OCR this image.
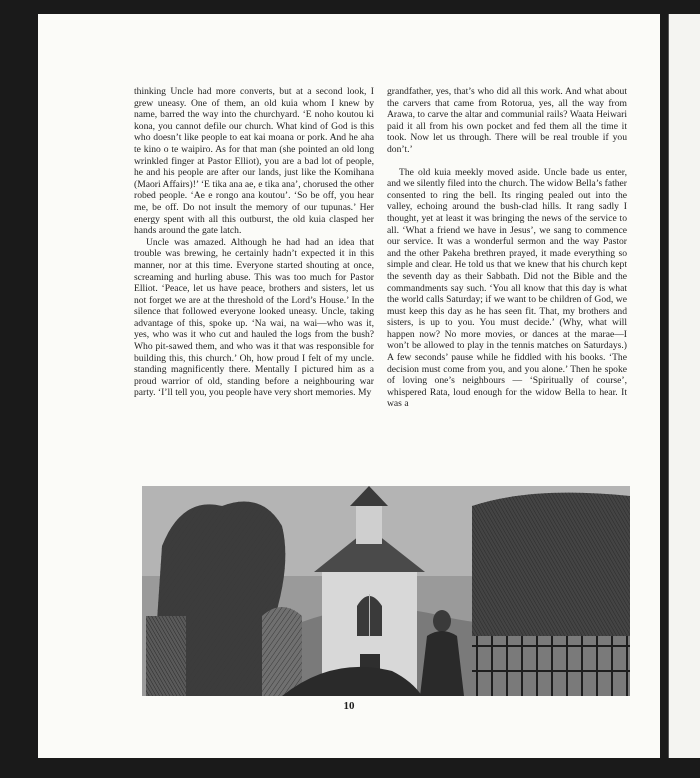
thinking Uncle had more converts, but at a second look, I grew uneasy. One of them, an old kuia whom I knew by name, barred the way into the churchyard. ‘E noho koutou ki kona, you cannot defile our church. What kind of God is this who doesn’t like people to eat kai moana or pork. And he aha te kino o te waipiro. As for that man (she pointed an old long wrinkled finger at Pastor Elliot), you are a bad lot of people, he and his people are after our lands, just like the Komihana (Maori Affairs)!’ ‘E tika ana ae, e tika ana’, chorused the other robed people. ‘Ae e rongo ana koutou’. ‘So be off, you hear me, be off. Do not insult the memory of our tupunas.’ Her energy spent with all this outburst, the old kuia clasped her hands around the gate latch.

Uncle was amazed. Although he had had an idea that trouble was brewing, he certainly hadn’t expected it in this manner, nor at this time. Everyone started shouting at once, screaming and hurling abuse. This was too much for Pastor Elliot. ‘Peace, let us have peace, brothers and sisters, let us not forget we are at the threshold of the Lord’s House.’ In the silence that followed everyone looked uneasy. Uncle, taking advantage of this, spoke up. ‘Na wai, na wai—who was it, yes, who was it who cut and hauled the logs from the bush? Who pit-sawed them, and who was it that was responsible for building this, this church.’ Oh, how proud I felt of my uncle. standing magnificently there. Mentally I pictured him as a proud warrior of old, standing before a neighbouring war party. ‘I’ll tell you, you people have very short memories. My

grandfather, yes, that’s who did all this work. And what about the carvers that came from Rotorua, yes, all the way from Arawa, to carve the altar and communial rails? Waata Heiwari paid it all from his own pocket and fed them all the time it took. Now let us through. There will be real trouble if you don’t.’

The old kuia meekly moved aside. Uncle bade us enter, and we silently filed into the church. The widow Bella’s father consented to ring the bell. Its ringing pealed out into the valley, echoing around the bush-clad hills. It rang sadly I thought, yet at least it was bringing the news of the service to all. ‘What a friend we have in Jesus’, we sang to commence our service. It was a wonderful sermon and the way Pastor and the other Pakeha brethren prayed, it made everything so simple and clear. He told us that we knew that his church kept the seventh day as their Sabbath. Did not the Bible and the commandments say such. ‘You all know that this day is what the world calls Saturday; if we want to be children of God, we must keep this day as he has seen fit. That, my brothers and sisters, is up to you. You must decide.’ (Why, what will happen now? No more movies, or dances at the marae—I won’t be allowed to play in the tennis matches on Saturdays.) A few seconds’ pause while he fiddled with his books. ‘The decision must come from you, and you alone.’ Then he spoke of loving one’s neighbours — ‘Spiritually of course’, whispered Rata, loud enough for the widow Bella to hear. It was a

10
